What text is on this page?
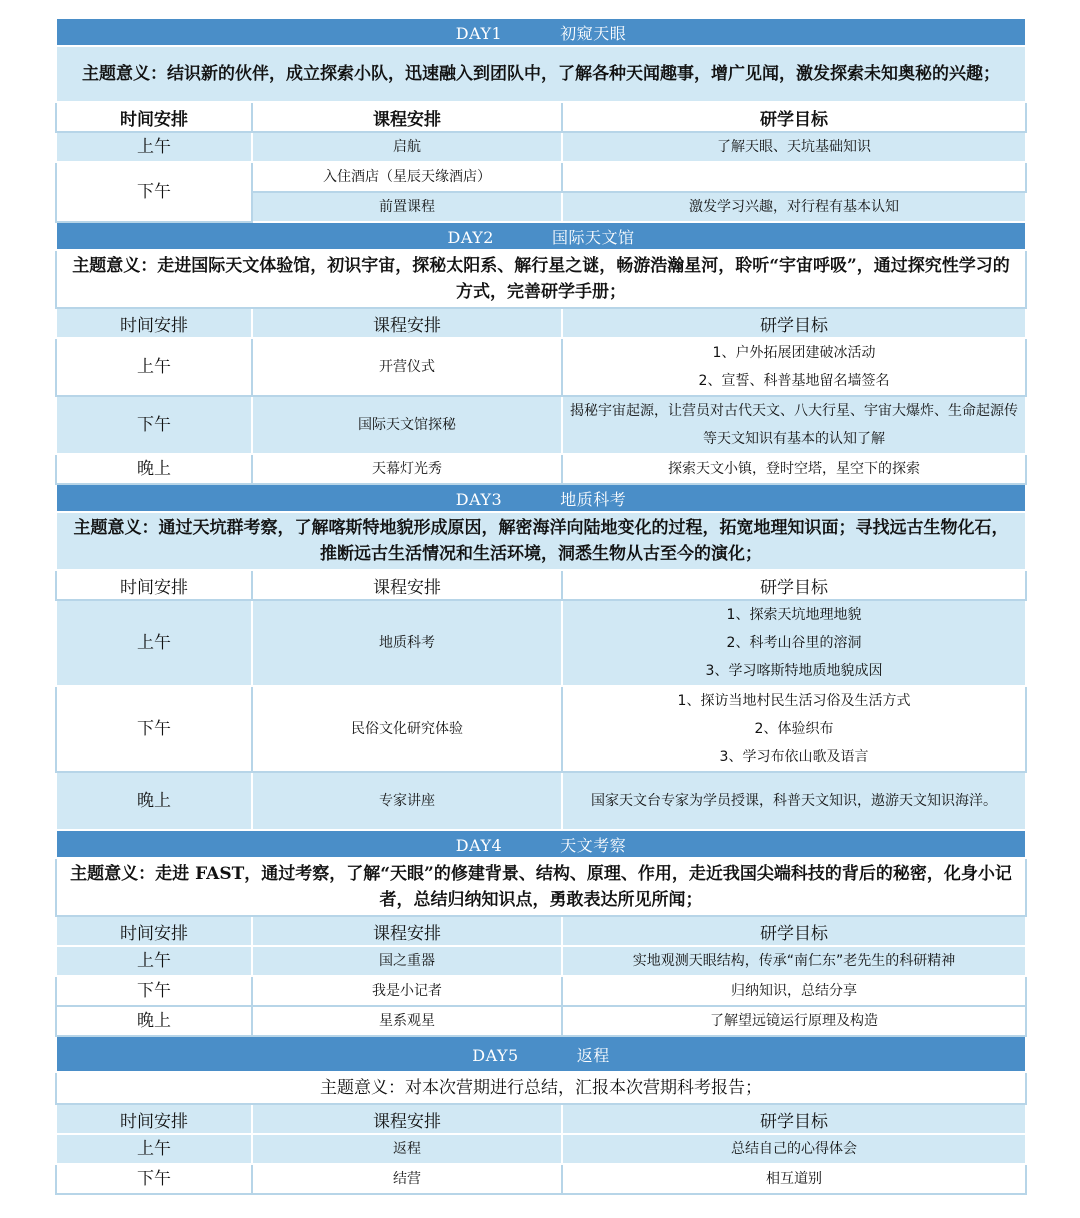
DAY1 初窥天眼		
主题意义：结识新的伙伴，成立探索小队，迅速融入到团队中，了解各种天闻趣事，增广见闻，激发探索未知奥秘的兴趣；		
时间安排	课程安排	研学目标
上午	启航	了解天眼、天坑基础知识
下午	入住酒店（星辰天缘酒店）	
	前置课程	激发学习兴趣，对行程有基本认知
DAY2 国际天文馆		
主题意义：走进国际天文体验馆，初识宇宙，探秘太阳系、解行星之谜，畅游浩瀚星河，聆听“宇宙呼吸”，通过探究性学习的方式，完善研学手册；		
时间安排	课程安排	研学目标
上午	开营仪式	1、户外拓展团建破冰活动
2、宣誓、科普基地留名墙签名

下午	国际天文馆探秘	揭秘宇宙起源，让营员对古代天文、八大行星、宇宙大爆炸、生命起源传等天文知识有基本的认知了解
晚上	天幕灯光秀	探索天文小镇，登时空塔，星空下的探索
DAY3 地质科考		
主题意义：通过天坑群考察，了解喀斯特地貌形成原因，解密海洋向陆地变化的过程，拓宽地理知识面；寻找远古生物化石，推断远古生活情况和生活环境，洞悉生物从古至今的演化；		
时间安排	课程安排	研学目标
上午	地质科考	1、探索天坑地理地貌
2、科考山谷里的溶洞
3、学习喀斯特地质地貌成因

下午	民俗文化研究体验	1、探访当地村民生活习俗及生活方式
2、体验织布
3、学习布依山歌及语言

晚上	专家讲座	国家天文台专家为学员授课，科普天文知识，遨游天文知识海洋。
DAY4 天文考察		
主题意义：走进 FAST，通过考察，了解“天眼”的修建背景、结构、原理、作用，走近我国尖端科技的背后的秘密，化身小记者，总结归纳知识点，勇敢表达所见所闻；		
时间安排	课程安排	研学目标
上午	国之重器	实地观测天眼结构，传承“南仁东”老先生的科研精神
下午	我是小记者	归纳知识，总结分享
晚上	星系观星	了解望远镜运行原理及构造
DAY5 返程		
主题意义：对本次营期进行总结，汇报本次营期科考报告；		
时间安排	课程安排	研学目标
上午	返程	总结自己的心得体会
下午	结营	相互道别
